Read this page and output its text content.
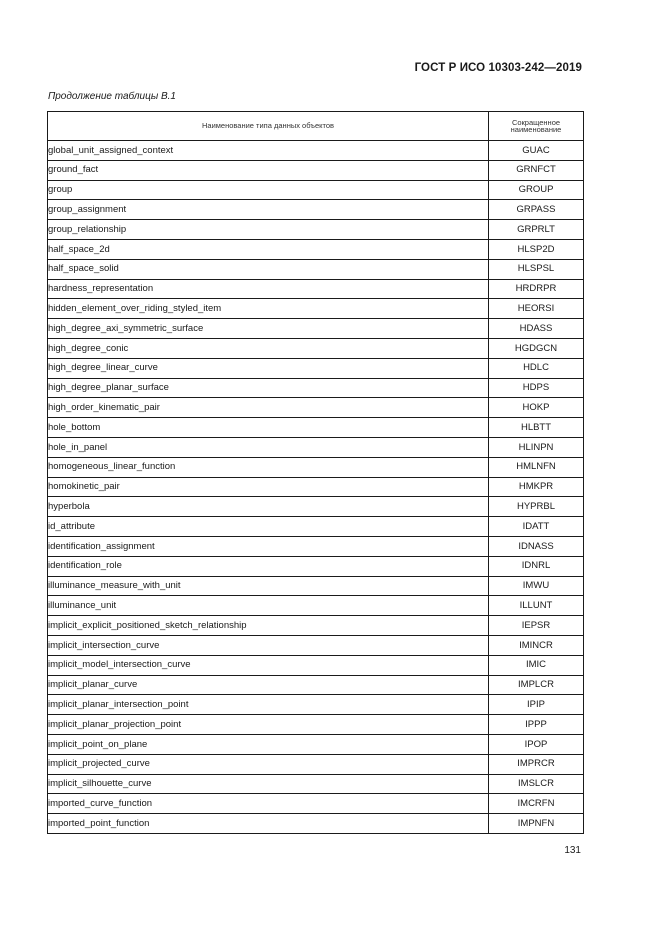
ГОСТ Р ИСО 10303-242—2019
Продолжение таблицы В.1
Наименование типа данных объектов	Сокращенное наименование
global_unit_assigned_context	GUAC
ground_fact	GRNFCT
group	GROUP
group_assignment	GRPASS
group_relationship	GRPRLT
half_space_2d	HLSP2D
half_space_solid	HLSPSL
hardness_representation	HRDRPR
hidden_element_over_riding_styled_item	HEORSI
high_degree_axi_symmetric_surface	HDASS
high_degree_conic	HGDGCN
high_degree_linear_curve	HDLC
high_degree_planar_surface	HDPS
high_order_kinematic_pair	HOKP
hole_bottom	HLBTT
hole_in_panel	HLINPN
homogeneous_linear_function	HMLNFN
homokinetic_pair	HMKPR
hyperbola	HYPRBL
id_attribute	IDATT
identification_assignment	IDNASS
identification_role	IDNRL
illuminance_measure_with_unit	IMWU
illuminance_unit	ILLUNT
implicit_explicit_positioned_sketch_relationship	IEPSR
implicit_intersection_curve	IMINCR
implicit_model_intersection_curve	IMIC
implicit_planar_curve	IMPLCR
implicit_planar_intersection_point	IPIP
implicit_planar_projection_point	IPPP
implicit_point_on_plane	IPOP
implicit_projected_curve	IMPRCR
implicit_silhouette_curve	IMSLCR
imported_curve_function	IMCRFN
imported_point_function	IMPNFN
131
